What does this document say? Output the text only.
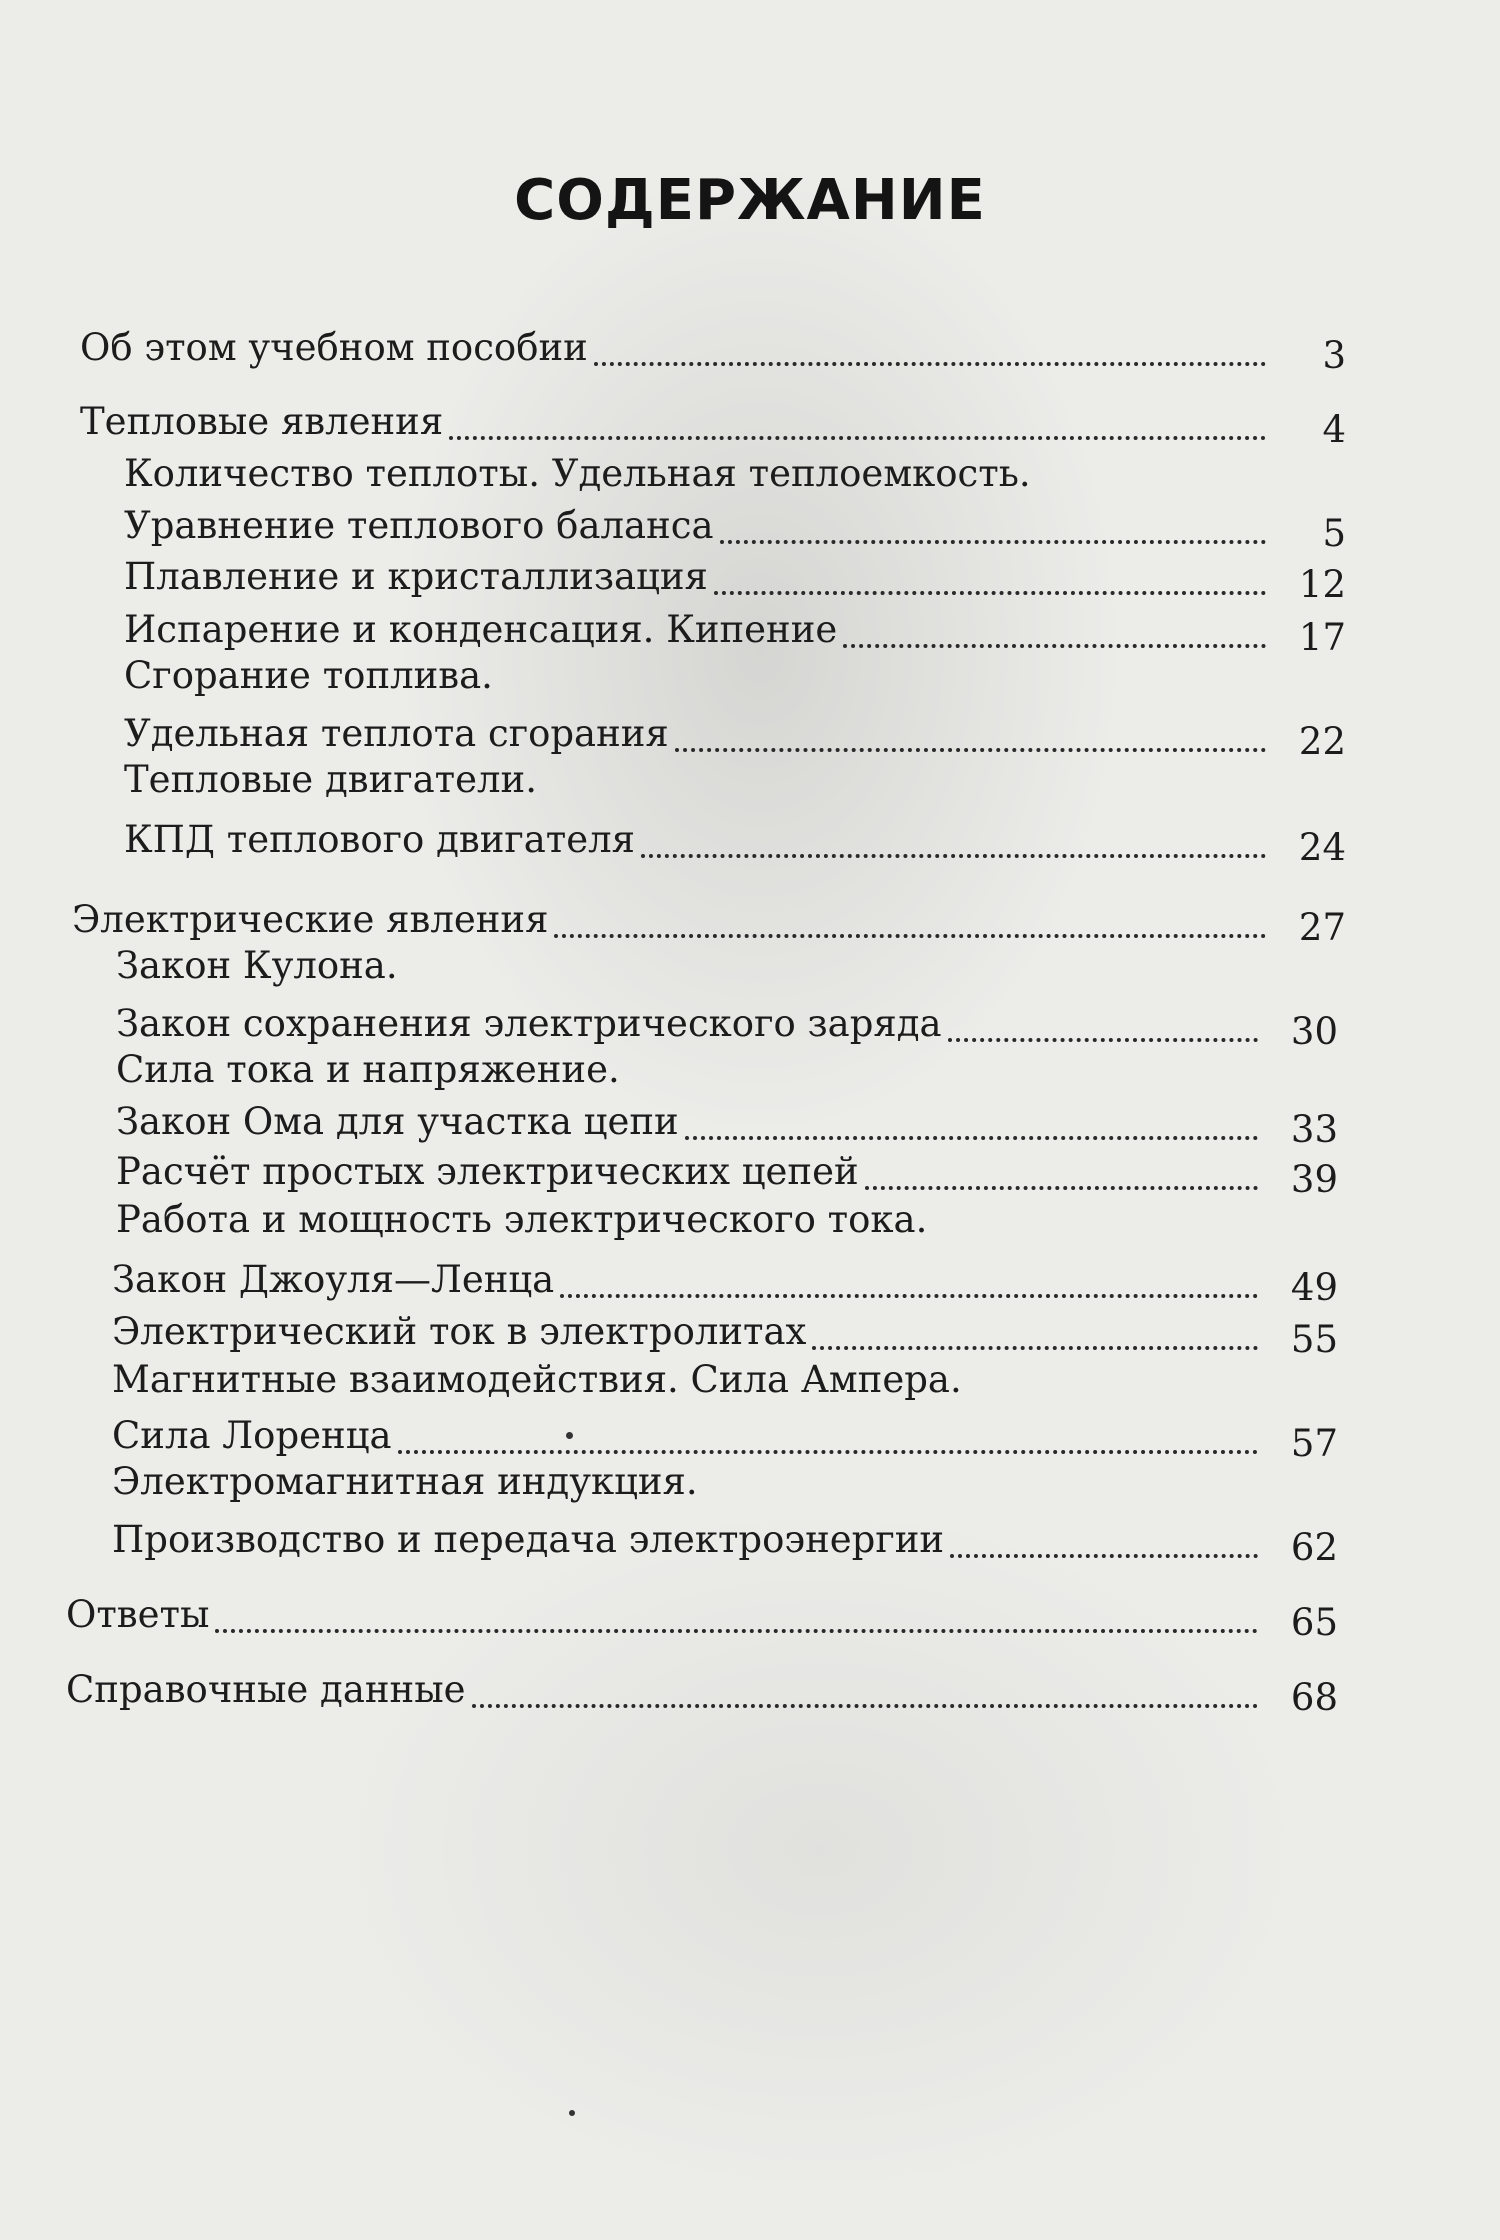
СОДЕРЖАНИЕ
Об этом учебном пособии	3
Тепловые явления	4
Количество теплоты. Удельная теплоемкость.
Уравнение теплового баланса	5
Плавление и кристаллизация	12
Испарение и конденсация. Кипение	17
Сгорание топлива.
Удельная теплота сгорания	22
Тепловые двигатели.
КПД теплового двигателя	24
Электрические явления	27
Закон Кулона.
Закон сохранения электрического заряда	30
Сила тока и напряжение.
Закон Ома для участка цепи	33
Расчёт простых электрических цепей	39
Работа и мощность электрического тока.
Закон Джоуля—Ленца	49
Электрический ток в электролитах	55
Магнитные взаимодействия. Сила Ампера.
Сила Лоренца	57
Электромагнитная индукция.
Производство и передача электроэнергии	62
Ответы	65
Справочные данные	68
